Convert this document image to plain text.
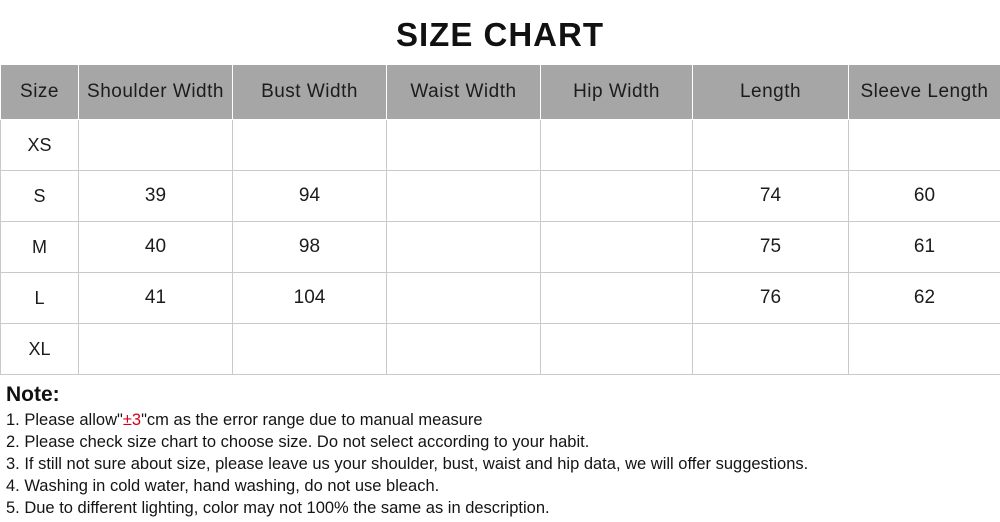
SIZE CHART
Size	Shoulder Width	Bust Width	Waist Width	Hip Width	Length	Sleeve Length
XS						
S	39	94			74	60
M	40	98			75	61
L	41	104			76	62
XL						
Note:
1. Please allow"±3"cm as the error range due to manual measure
2. Please check size chart to choose size. Do not select according to your habit.
3. If still not sure about size, please leave us your shoulder, bust, waist and hip data, we will offer suggestions.
4. Washing in cold water, hand washing, do not use bleach.
5. Due to different lighting, color may not 100% the same as in description.
